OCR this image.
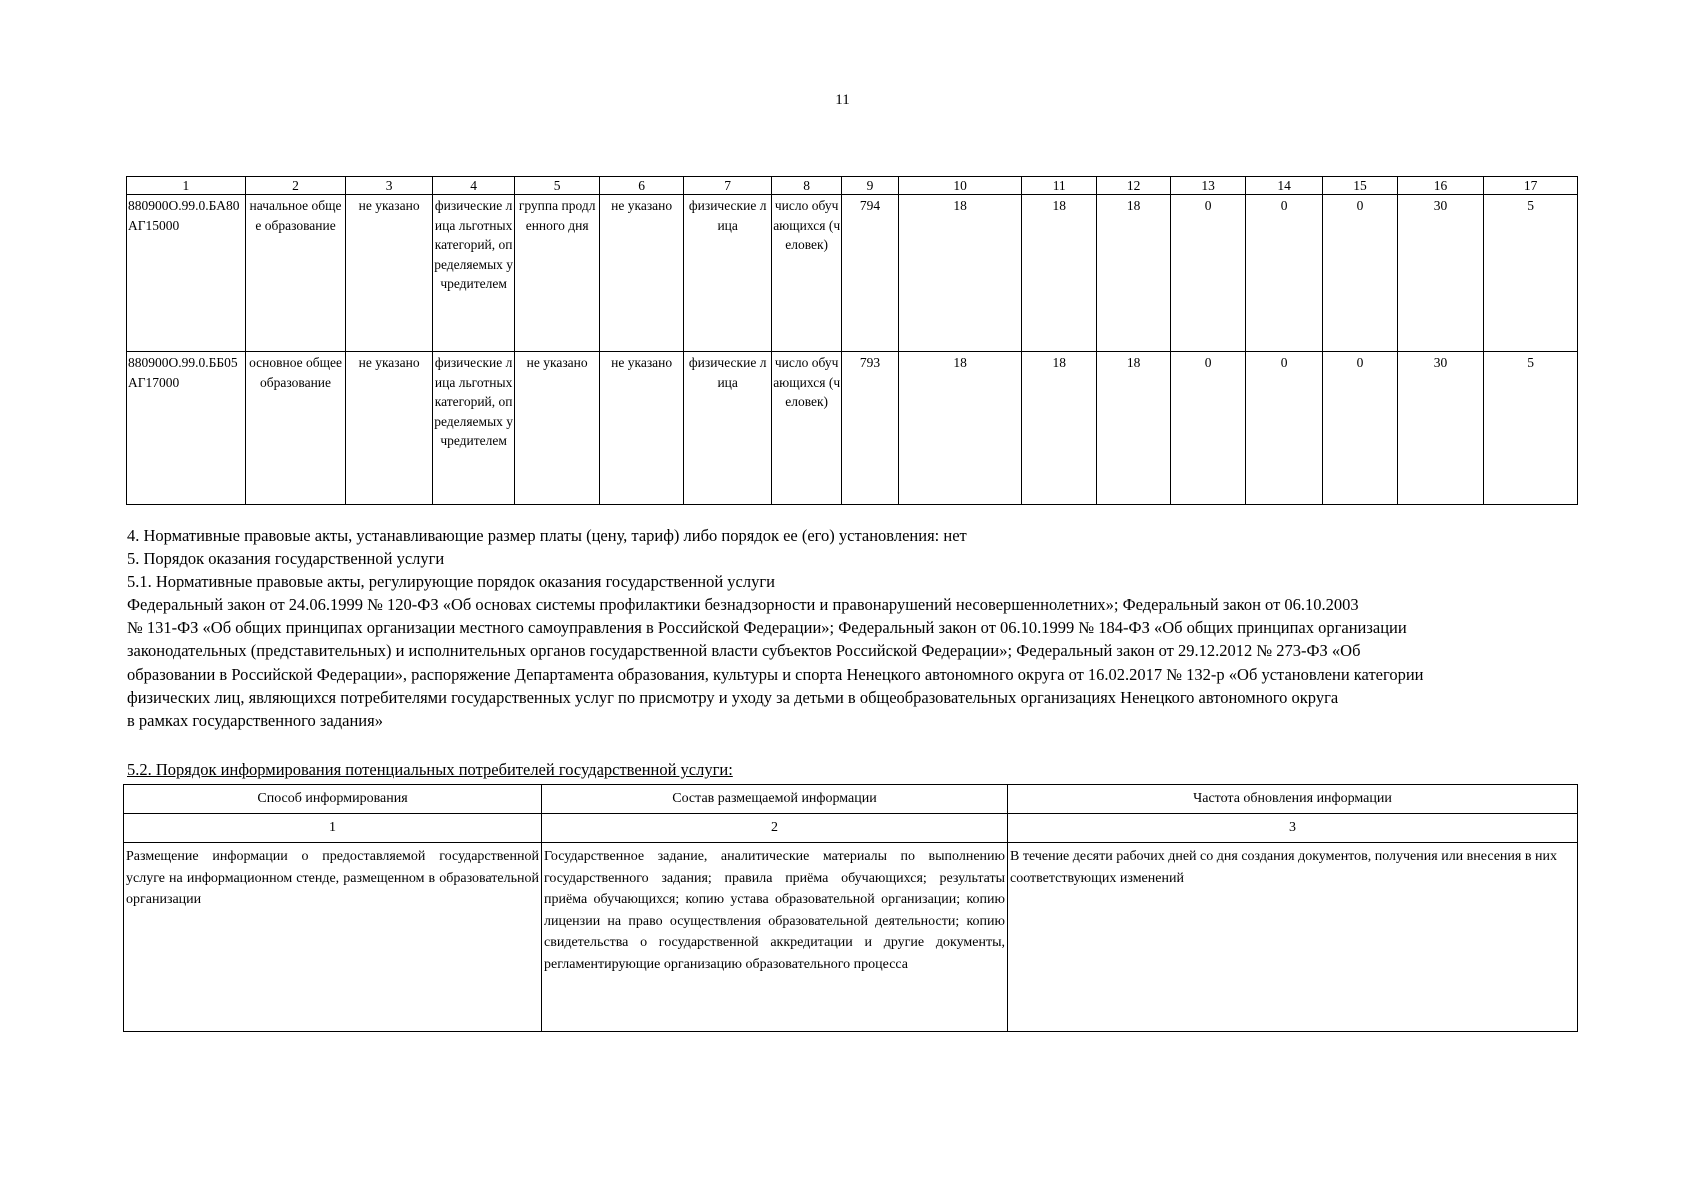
11
1	2	3	4	5	6	7	8	9	10	11	12	13	14	15	16	17
880900О.99.0.БА80АГ15000	начальное общее образование	не указано	физические лица льготных категорий, определяемых учредителем	группа продленного дня	не указано	физические лица	число обучающихся (человек)	794	18	18	18	0	0	0	30	5
880900О.99.0.ББ05АГ17000	основное общее образование	не указано	физические лица льготных категорий, определяемых учредителем	не указано	не указано	физические лица	число обучающихся (человек)	793	18	18	18	0	0	0	30	5
4. Нормативные правовые акты, устанавливающие размер платы (цену, тариф) либо порядок ее (его) установления: нет
5. Порядок оказания государственной услуги
5.1. Нормативные правовые акты, регулирующие порядок оказания государственной услуги

Федеральный закон от 24.06.1999 № 120-ФЗ «Об основах системы профилактики безнадзорности и правонарушений несовершеннолетних»; Федеральный закон от 06.10.2003

№ 131-ФЗ «Об общих принципах организации местного самоуправления в Российской Федерации»; Федеральный закон от 06.10.1999 № 184-ФЗ «Об общих принципах организации

законодательных (представительных) и исполнительных органов государственной власти субъектов Российской Федерации»; Федеральный закон от 29.12.2012 № 273-ФЗ «Об

образовании в Российской Федерации», распоряжение Департамента образования, культуры и спорта Ненецкого автономного округа от 16.02.2017 № 132-р «Об установлени категории

физических лиц, являющихся потребителями государственных услуг по присмотру и уходу за детьми в общеобразовательных организациях Ненецкого автономного округа

в рамках государственного задания»

5.2. Порядок информирования потенциальных потребителей государственной услуги:
Способ информирования	Состав размещаемой информации	Частота обновления информации
1	2	3
Размещение информации о предоставляемой государственной услуге на информационном стенде, размещенном в образовательной организации	Государственное задание, аналитические материалы по выполнению государственного задания; правила приёма обучающихся; результаты приёма обучающихся; копию устава образовательной организации; копию лицензии на право осуществления образовательной деятельности; копию свидетельства о государственной аккредитации и другие документы, регламентирующие организацию образовательного процесса	В течение десяти рабочих дней со дня создания документов, получения или внесения в них соответствующих изменений
